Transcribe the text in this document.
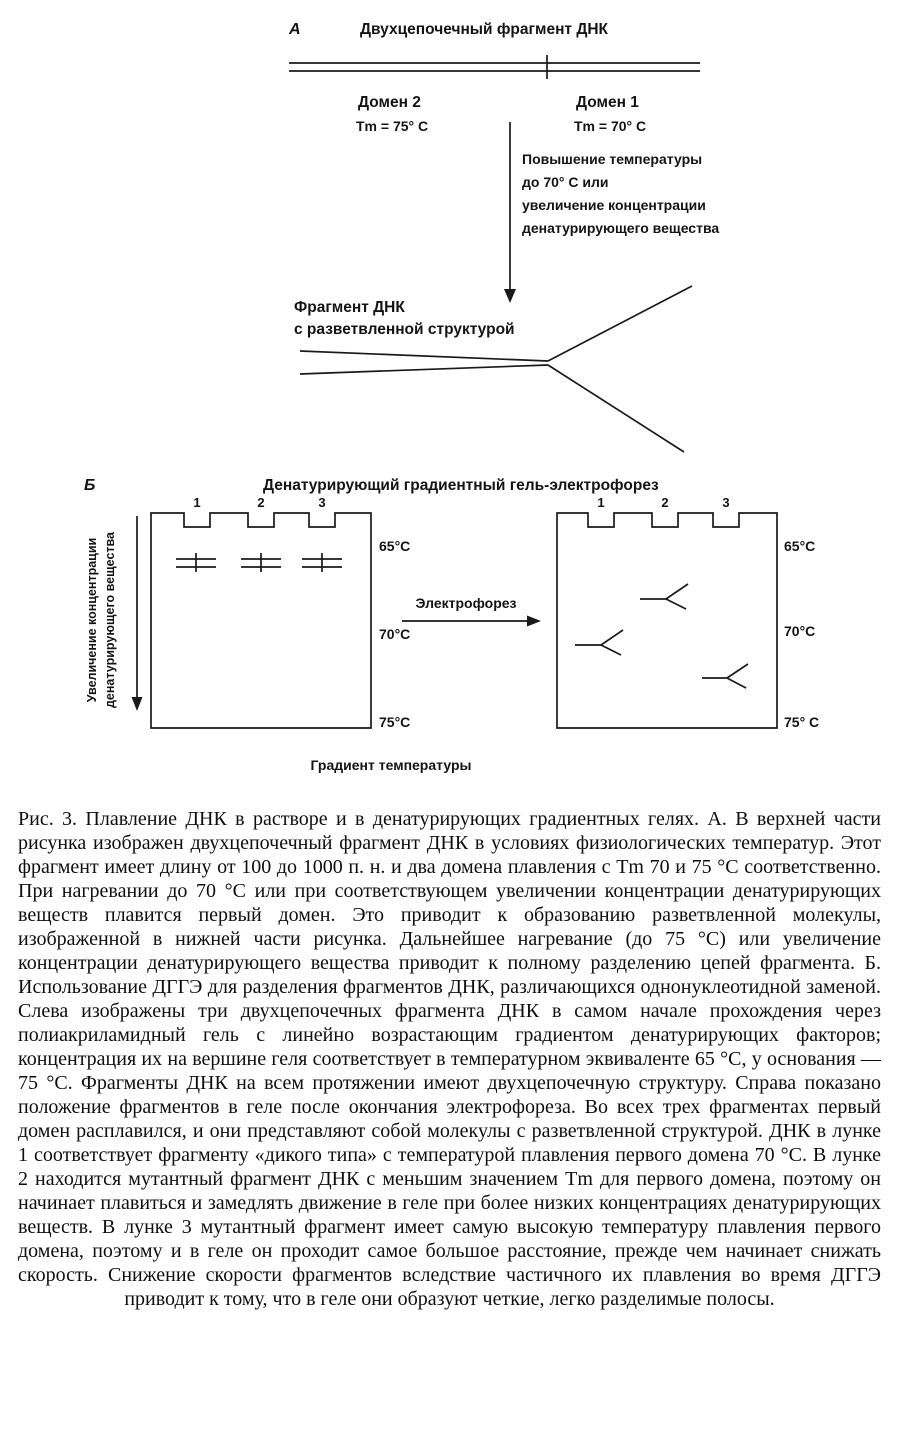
А	Двухцепочечный фрагмент ДНК
Домен 2
Tm = 75° C
Домен 1
Tm = 70° C
Повышение температуры
до 70° С или
увеличение концентрации
денатурирующего вещества
Фрагмент ДНК
с разветвленной структурой
Б	Денатурирующий градиентный гель-электрофорез
Увеличение концентрации денатурирующего вещества
1	2	3
65°C
70°C
75°C
Электрофорез
1	2	3
65°C
70°C
75° C
Градиент температуры
Рис. 3. Плавление ДНК в растворе и в денатурирующих градиентных гелях. А. В верхней части рисунка изображен двухцепочечный фрагмент ДНК в условиях физиологических температур. Этот фрагмент имеет длину от 100 до 1000 п. н. и два домена плавления с Tm 70 и 75 °С соответственно. При нагревании до 70 °С или при соответствующем увеличении концентрации денатурирующих веществ плавится первый домен. Это приводит к образованию разветвленной молекулы, изображенной в нижней части рисунка. Дальнейшее нагревание (до 75 °С) или увеличение концентрации денатурирующего вещества приводит к полному разделению цепей фрагмента. Б. Использование ДГГЭ для разделения фрагментов ДНК, различающихся однонуклеотидной заменой. Слева изображены три двухцепочечных фрагмента ДНК в самом начале прохождения через полиакриламидный гель с линейно возрастающим градиентом денатурирующих факторов; концентрация их на вершине геля соответствует в температурном эквиваленте 65 °С, у основания — 75 °С. Фрагменты ДНК на всем протяжении имеют двухцепочечную структуру. Справа показано положение фрагментов в геле после окончания электрофореза. Во всех трех фрагментах первый домен расплавился, и они представляют собой молекулы с разветвленной структурой. ДНК в лунке 1 соответствует фрагменту «дикого типа» с температурой плавления первого домена 70 °С. В лунке 2 находится мутантный фрагмент ДНК с меньшим значением Tm для первого домена, поэтому он начинает плавиться и замедлять движение в геле при более низких концентрациях денатурирующих веществ. В лунке 3 мутантный фрагмент имеет самую высокую температуру плавления первого домена, поэтому и в геле он проходит самое большое расстояние, прежде чем начинает снижать скорость. Снижение скорости фрагментов вследствие частичного их плавления во время ДГГЭ приводит к тому, что в геле они образуют четкие, легко разделимые полосы.
